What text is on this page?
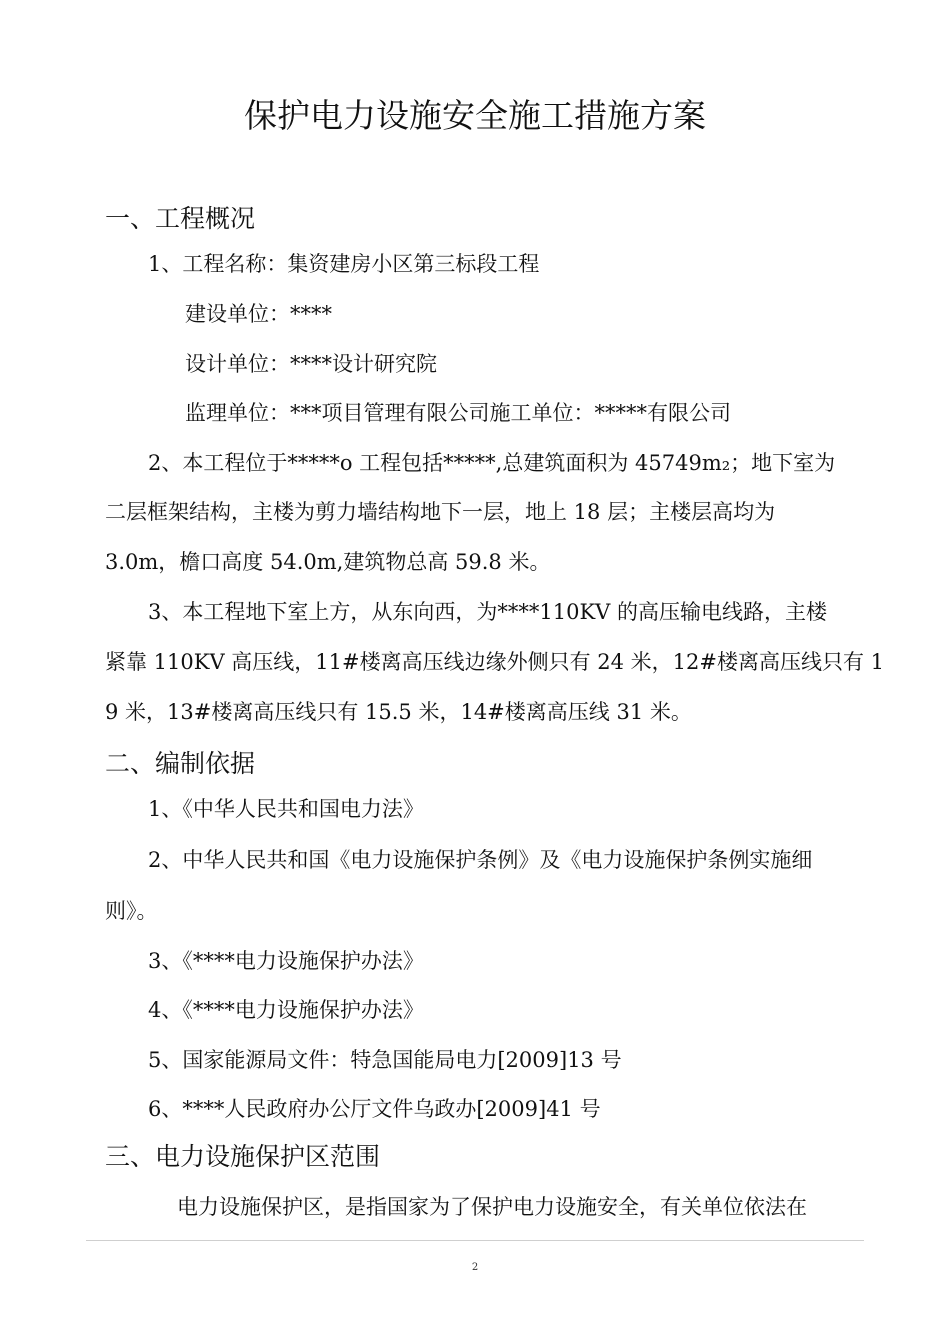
保护电力设施安全施工措施方案
一、工程概况
1、工程名称：集资建房小区第三标段工程
建设单位：****
设计单位：****设计研究院
监理单位：***项目管理有限公司施工单位：*****有限公司
2、本工程位于*****o 工程包括*****,总建筑面积为 45749m₂；地下室为
二层框架结构，主楼为剪力墙结构地下一层，地上 18 层；主楼层高均为
3.0m，檐口高度 54.0m,建筑物总高 59.8 米。
3、本工程地下室上方，从东向西，为****110KV 的高压输电线路，主楼
紧靠 110KV 高压线，11#楼离高压线边缘外侧只有 24 米，12#楼离高压线只有 1
9 米，13#楼离高压线只有 15.5 米，14#楼离高压线 31 米。
二、编制依据
1、《中华人民共和国电力法》
2、中华人民共和国《电力设施保护条例》及《电力设施保护条例实施细
则》。
3、《****电力设施保护办法》
4、《****电力设施保护办法》
5、国家能源局文件：特急国能局电力[2009]13 号
6、****人民政府办公厅文件乌政办[2009]41 号
三、电力设施保护区范围
电力设施保护区，是指国家为了保护电力设施安全，有关单位依法在
2
